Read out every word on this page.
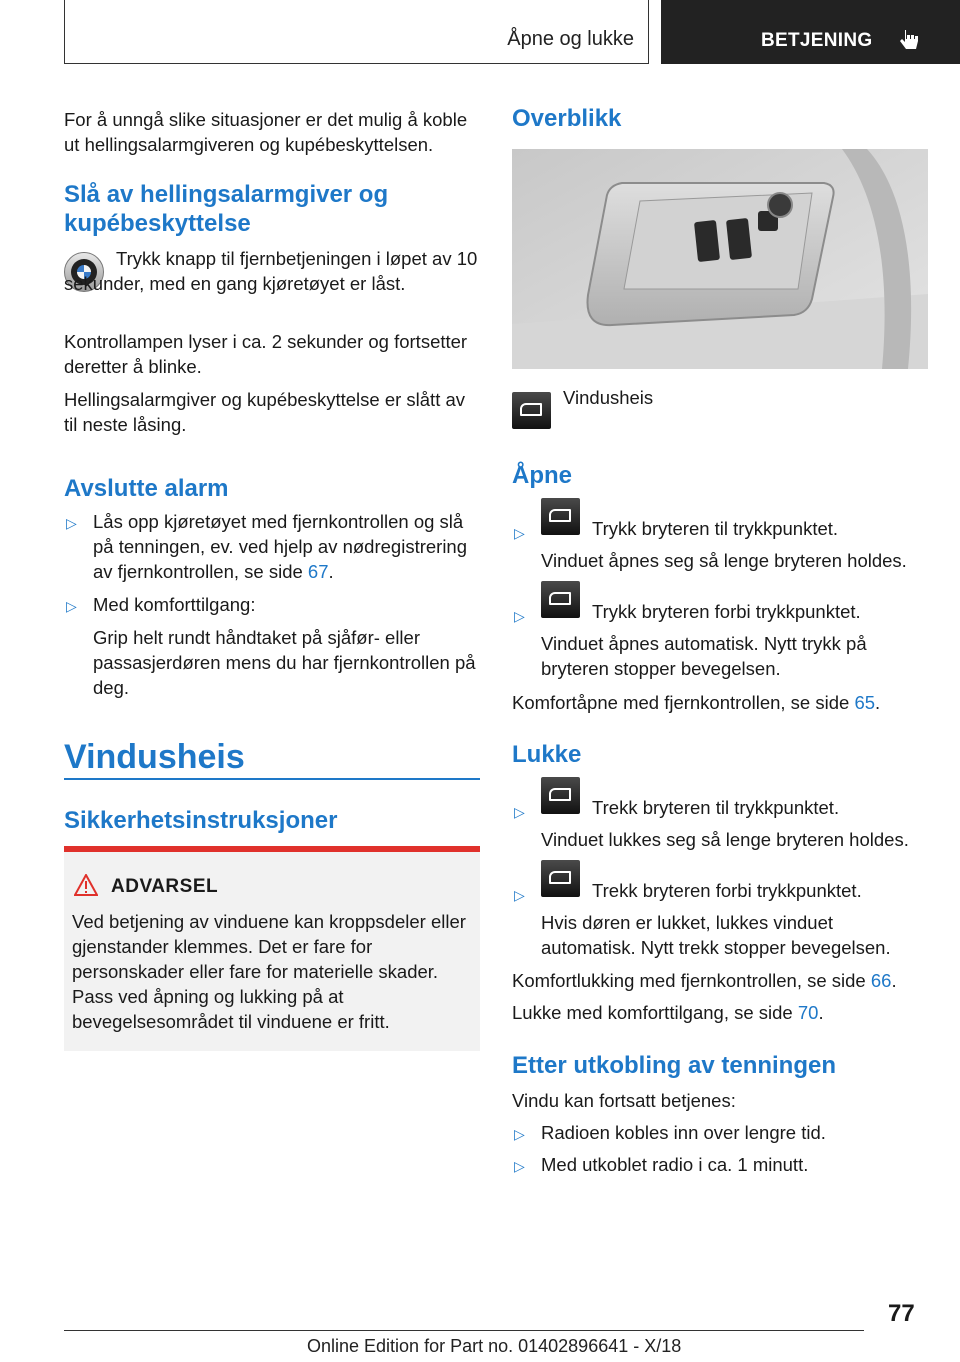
Åpne og lukke	BETJENING

For å unngå slike situasjoner er det mulig å koble ut hellingsalarmgiveren og kupébeskyttelsen.

Slå av hellingsalarmgiver og kupébeskyttelse

Trykk knapp til fjernbetjeningen i løpet av 10 sekunder, med en gang kjøretøyet er låst.

Kontrollampen lyser i ca. 2 sekunder og fortsetter deretter å blinke.

Hellingsalarmgiver og kupébeskyttelse er slått av til neste låsing.

Avslutte alarm

▷ Lås opp kjøretøyet med fjernkontrollen og slå på tenningen, ev. ved hjelp av nødregistrering av fjernkontrollen, se side 67.

▷ Med komforttilgang:

Grip helt rundt håndtaket på sjåfør- eller passasjerdøren mens du har fjernkontrollen på deg.

Vindusheis

Sikkerhetsinstruksjoner

ADVARSEL

Ved betjening av vinduene kan kroppsdeler eller gjenstander klemmes. Det er fare for personskader eller fare for materielle skader. Pass ved åpning og lukking på at bevegelsesområdet til vinduene er fritt.

Overblikk

Vindusheis

Åpne

▷	Trykk bryteren til trykkpunktet.

Vinduet åpnes seg så lenge bryteren holdes.

▷	Trykk bryteren forbi trykkpunktet.

Vinduet åpnes automatisk. Nytt trykk på bryteren stopper bevegelsen.

Komfortåpne med fjernkontrollen, se side 65.

Lukke

▷	Trekk bryteren til trykkpunktet.

Vinduet lukkes seg så lenge bryteren holdes.

▷	Trekk bryteren forbi trykkpunktet.

Hvis døren er lukket, lukkes vinduet automatisk. Nytt trekk stopper bevegelsen.

Komfortlukking med fjernkontrollen, se side 66.

Lukke med komforttilgang, se side 70.

Etter utkobling av tenningen

Vindu kan fortsatt betjenes:

▷ Radioen kobles inn over lengre tid.

▷ Med utkoblet radio i ca. 1 minutt.

77
Online Edition for Part no. 01402896641 - X/18
